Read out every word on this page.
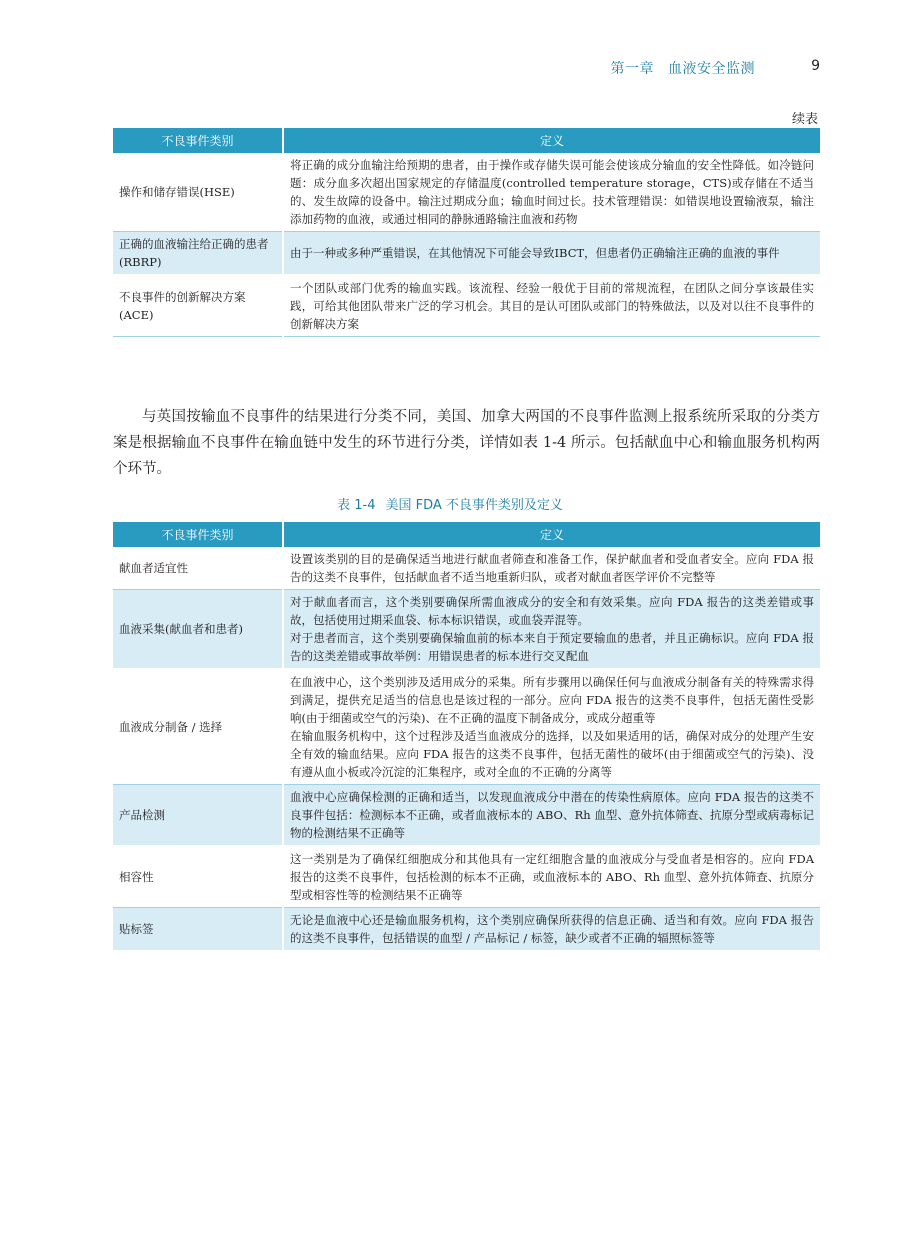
第一章 血液安全监测	9
续表
不良事件类别	定义
操作和储存错误(HSE)	将正确的成分血输注给预期的患者，由于操作或存储失误可能会使该成分输血的安全性降低。如冷链问题：成分血多次超出国家规定的存储温度(controlled temperature storage，CTS)或存储在不适当的、发生故障的设备中。输注过期成分血；输血时间过长。技术管理错误：如错误地设置输液泵，输注添加药物的血液，或通过相同的静脉通路输注血液和药物

正确的血液输注给正确的患者(RBRP)	由于一种或多种严重错误，在其他情况下可能会导致IBCT，但患者仍正确输注正确的血液的事件

不良事件的创新解决方案(ACE)	一个团队或部门优秀的输血实践。该流程、经验一般优于目前的常规流程，在团队之间分享该最佳实践，可给其他团队带来广泛的学习机会。其目的是认可团队或部门的特殊做法，以及对以往不良事件的创新解决方案

与英国按输血不良事件的结果进行分类不同，美国、加拿大两国的不良事件监测上报系统所采取的分类方案是根据输血不良事件在输血链中发生的环节进行分类，详情如表 1-4 所示。包括献血中心和输血服务机构两个环节。

表 1-4 美国 FDA 不良事件类别及定义
不良事件类别	定义
献血者适宜性	设置该类别的目的是确保适当地进行献血者筛查和准备工作，保护献血者和受血者安全。应向 FDA 报告的这类不良事件，包括献血者不适当地重新归队，或者对献血者医学评价不完整等

血液采集(献血者和患者)	对于献血者而言，这个类别要确保所需血液成分的安全和有效采集。应向 FDA 报告的这类差错或事故，包括使用过期采血袋、标本标识错误，或血袋弄混等。
对于患者而言，这个类别要确保输血前的标本来自于预定要输血的患者，并且正确标识。应向 FDA 报告的这类差错或事故举例：用错误患者的标本进行交叉配血

血液成分制备 / 选择	在血液中心，这个类别涉及适用成分的采集。所有步骤用以确保任何与血液成分制备有关的特殊需求得到满足，提供充足适当的信息也是该过程的一部分。应向 FDA 报告的这类不良事件，包括无菌性受影响(由于细菌或空气的污染)、在不正确的温度下制备成分，或成分超重等
在输血服务机构中，这个过程涉及适当血液成分的选择，以及如果适用的话，确保对成分的处理产生安全有效的输血结果。应向 FDA 报告的这类不良事件，包括无菌性的破坏(由于细菌或空气的污染)、没有遵从血小板或冷沉淀的汇集程序，或对全血的不正确的分离等

产品检测	血液中心应确保检测的正确和适当，以发现血液成分中潜在的传染性病原体。应向 FDA 报告的这类不良事件包括：检测标本不正确，或者血液标本的 ABO、Rh 血型、意外抗体筛查、抗原分型或病毒标记物的检测结果不正确等

相容性	这一类别是为了确保红细胞成分和其他具有一定红细胞含量的血液成分与受血者是相容的。应向 FDA 报告的这类不良事件，包括检测的标本不正确，或血液标本的 ABO、Rh 血型、意外抗体筛查、抗原分型或相容性等的检测结果不正确等

贴标签	无论是血液中心还是输血服务机构，这个类别应确保所获得的信息正确、适当和有效。应向 FDA 报告的这类不良事件，包括错误的血型 / 产品标记 / 标签，缺少或者不正确的辐照标签等
